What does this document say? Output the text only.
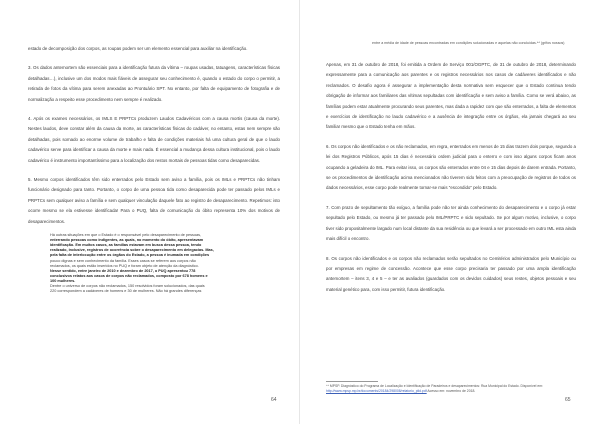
estado de decomposição dos corpos, as roupas podem ser um elemento essencial para auxiliar na identificação.

3. Os dados antemortem são essenciais para a identificação futura da vítima – roupas usadas, tatuagens, características físicas detalhadas…), inclusive um dos modos mais fiáveis de assegurar seu conhecimento é, quando o estado do corpo o permitir, a retirada de fotos da vítima para serem anexadas ao Prontuário SPT. No entanto, por falta de equipamento de fotografia e de normalização a respeito esse procedimento nem sempre é realizado.

4. Após os exames necessários, os IMLS E PRPTCs produzem Laudos Cadavéricos com a causa mortis (causa da morte). Nestes laudos, deve constar além da causa da morte, as características físicas do cadáver, no entanto, estas nem sempre são detalhadas, pois somado ao enorme volume de trabalho e falta de condições materiais há uma cultura geral de que o laudo cadavérico serve para identificar a causa da morte e mais nada. É essencial a mudança dessa cultura institucional, pois o laudo cadavérico é instrumento importantíssimo para a localização dos restos mortais de pessoas tidas como desaparecidas.

5. Mesmo corpos identificados têm sido enterrados pelo Estado sem aviso a família, pois os IMLs e PRPTCs não tinham funcionário designado para tanto. Portanto, o corpo de uma pessoa tida como desaparecida pode ter passado pelos IMLs e PRPTCs sem qualquer aviso a família e sem qualquer vinculação daquele fato ao registro de desaparecimento. Repetimos: isto ocorre mesmo se ela estivesse identificada! Para o PUQ, falta de comunicação do óbito representa 10% dos motivos de desaparecimentos.

Há outras situações em que o Estado é o responsável pelo desaparecimento de pessoas,
enterrando pessoas como indigentes, as quais, no momento do óbito, apresentavam
identificação. Em muitos casos, as famílias estavam em busca dessa pessoa, tendo
realizado, inclusive, registros de ocorrência sobre o desaparecimento em delegacias. Mas,
pela falta de interlocução entre os órgãos do Estado, a pessoa é inumada em condições
pouco dignas e sem conhecimento da família. Esses casos se referem aos corpos não
reclamados, os quais estão inseridos no PUQ e foram objeto de atenção da diagnóstico.
Nesse sentido, entre janeiro de 2010 e dezembro de 2017, o PUQ apresentou 778
conclusivos relatos aos casos de corpos não reclamados, composto por 678 homens e
100 mulheres.
Dentre o universo de corpos não reclamados, 150 resolvidos foram solucionados, das quais
220 correspondem a cadáveres de homens e 30 de mulheres. Não há grandes diferenças
64
entre a média de idade de pessoas encontradas em condições solucionadas e aquelas não concluídas.⁴⁴ (grifos nossos)

Apenas, em 31 de outubro de 2018, foi emitida a Ordem de Serviço 001/OGPTC, de 31 de outubro de 2018, determinando expressamente para a comunicação aos parentes e os registros necessários nos casos de cadáveres identificados e não reclamados. O desafio agora é assegurar a implementação desta normativa sem esquecer que o Estado continua tendo obrigação de informar aos familiares das vítimas sepultadas com identificação e sem aviso a família. Como se verá abaixo, as famílias podem estar atualmente procurando seus parentes, mas dada a rapidez com que são enterrados, a falta de elementos e exercícios de identificação no laudo cadavérico e a ausência de integração entre os órgãos, ela jamais chegará ao seu familiar mesmo que o Estado tenha em mãos.

6. Os corpos não identificados e os não reclamados, em regra, enterrados em menos de 15 dias trazem dois porque, segundo a lei dos Registros Públicos, após 15 dias é necessário ordem judicial para o enterro e com isso alguns corpos ficam anos ocupando a geladeira do IML. Para evitar isso, os corpos são enterrados entre 04 e 15 dias depois de darem entrada. Portanto, se os procedimentos de identificação acima mencionados não tiverem sido feitos com a preocupação de registros de todos os dados necessários, esse corpo pode realmente tornar-se mais "escondido" pelo Estado.

7. Com prazo de sepultamento tão exíguo, a família pode não ter ainda conhecimento do desaparecimento e o corpo já estar sepultado pelo Estado, ou mesmo já ter passado pelo IML/PRPTC e sido sepultado. Se por algum motivo, inclusive, o corpo tiver sido propositalmente largado num local distante da sua residência ou que levará a ser processado em outro IML esta ainda mais difícil o encontro.

8. Os corpos não identificados e os corpos não reclamados serão sepultados no Cemitérios administrados pelo Município ou por empresas em regime de concessão. Acontece que esse corpo precisaria ter passado por uma ampla identificação antemortem – itens 3, 4 e 5 – e ter as avaliados (guardados com os devidos cuidados) seus restes, objetos pessoais e seu material genético para, com isso permitir, futura identificação.

⁴⁴ MPSP. Diagnóstico do Programa de Localização e Identificação de Paradeiros e desaparecimentos: Rua Municipal do Estado. Disponível em: http://www.mpsp.mp.br/documents/20184/298008/relatorio_plid.pdf Acesso em: novembro de 2018.
65
